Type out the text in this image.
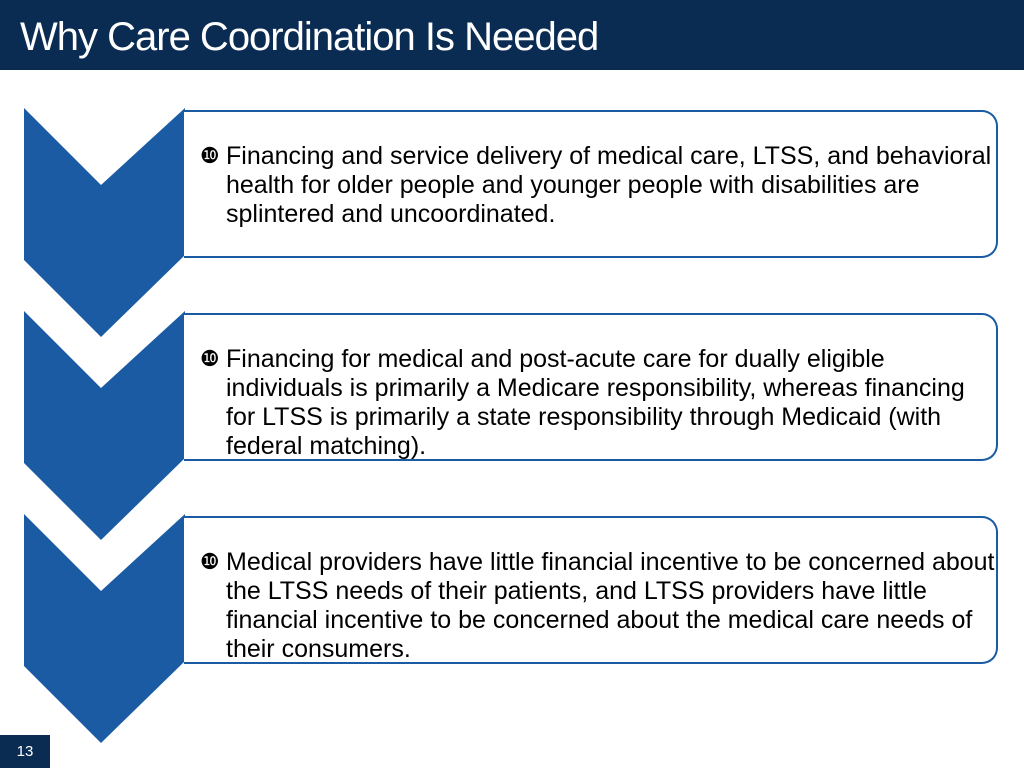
Why Care Coordination Is Needed
❿ Financing and service delivery of medical care, LTSS, and behavioral health for older people and younger people with disabilities are splintered and uncoordinated.
❿ Financing for medical and post-acute care for dually eligible individuals is primarily a Medicare responsibility, whereas financing for LTSS is primarily a state responsibility through Medicaid (with federal matching).
❿ Medical providers have little financial incentive to be concerned about the LTSS needs of their patients, and LTSS providers have little financial incentive to be concerned about the medical care needs of their consumers.
13
